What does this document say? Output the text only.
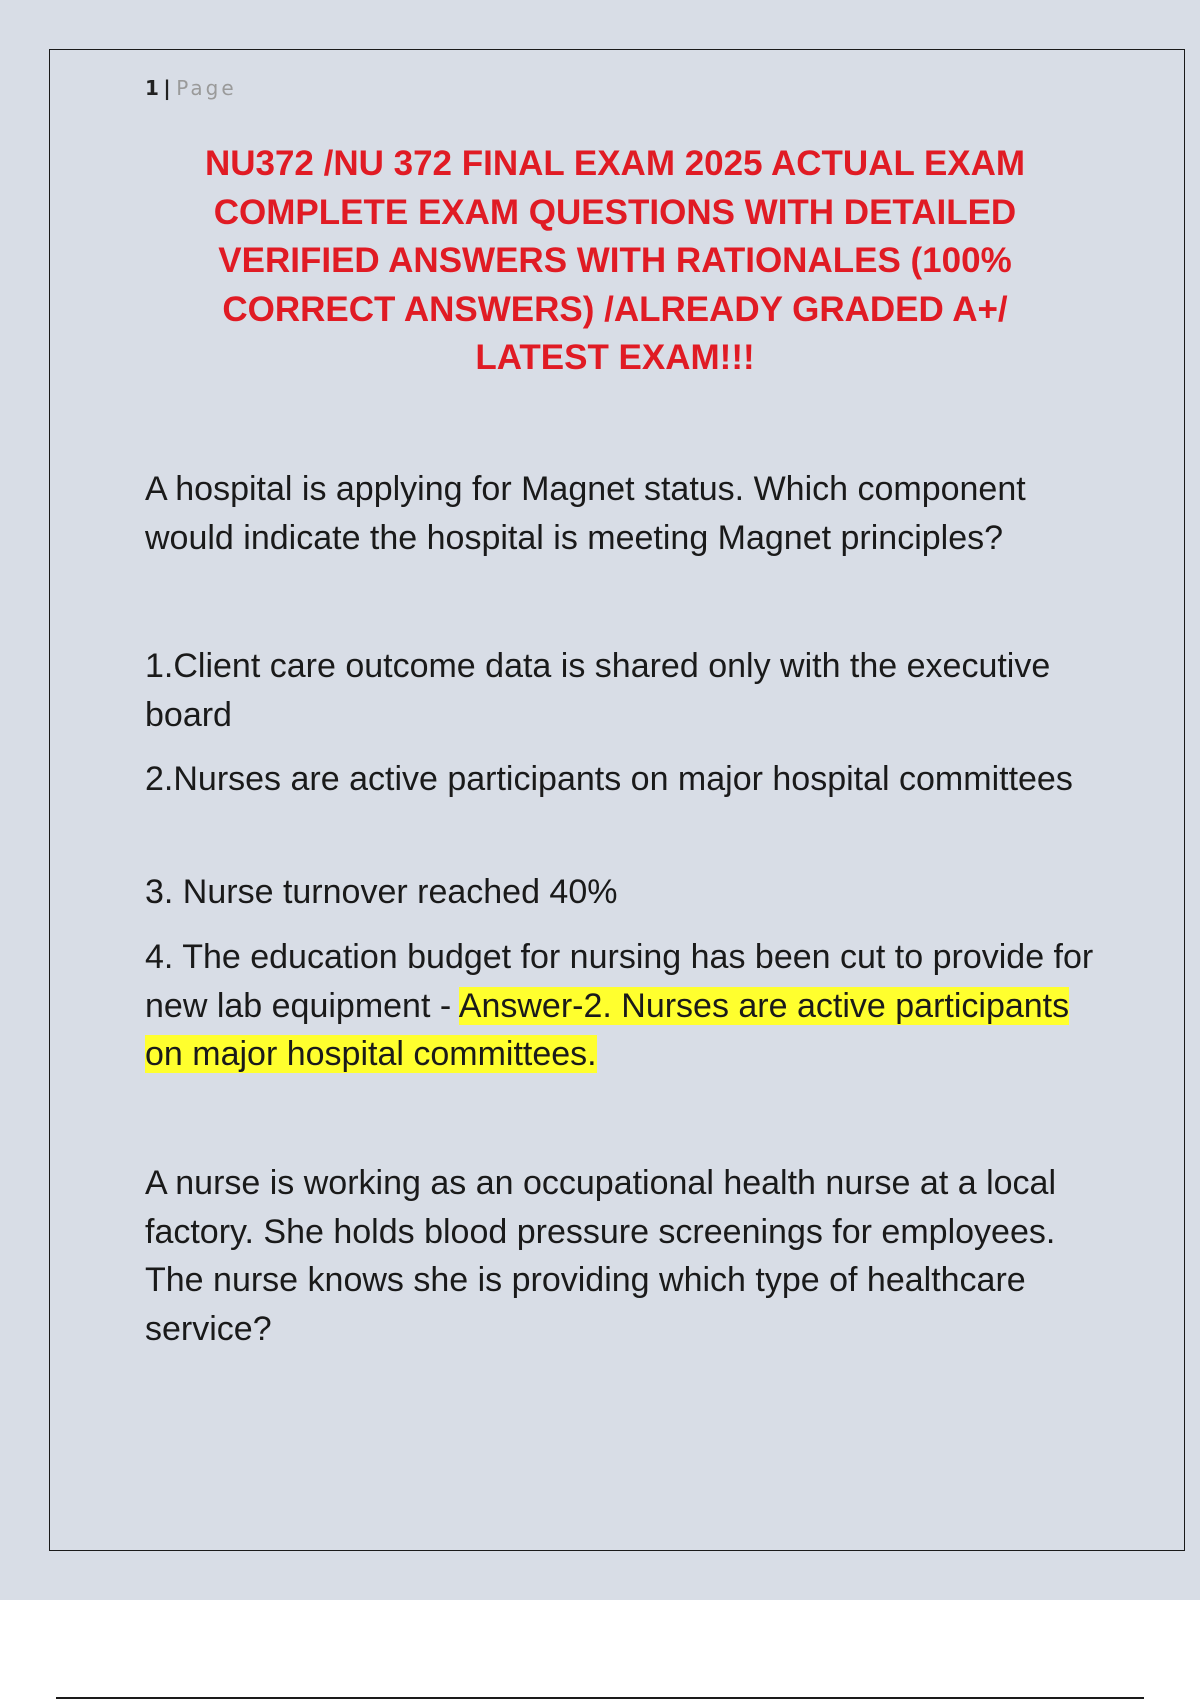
1 | Page
NU372 /NU 372 FINAL EXAM 2025 ACTUAL EXAM
COMPLETE EXAM QUESTIONS WITH DETAILED
VERIFIED ANSWERS WITH RATIONALES (100%
CORRECT ANSWERS) /ALREADY GRADED A+/
LATEST EXAM!!!
A hospital is applying for Magnet status. Which component would indicate the hospital is meeting Magnet principles?
1.Client care outcome data is shared only with the executive board
2.Nurses are active participants on major hospital committees
3. Nurse turnover reached 40%
4. The education budget for nursing has been cut to provide for new lab equipment - Answer-2. Nurses are active participants on major hospital committees.
A nurse is working as an occupational health nurse at a local factory. She holds blood pressure screenings for employees. The nurse knows she is providing which type of healthcare service?
